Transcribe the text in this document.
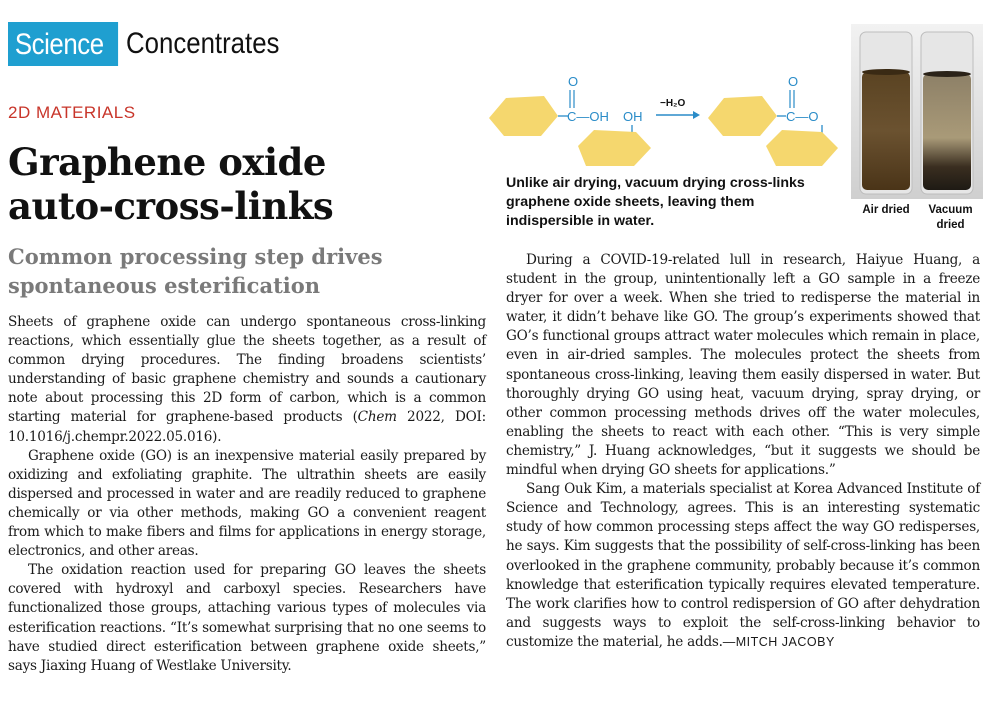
Science Concentrates
2D MATERIALS
Graphene oxide
auto-cross-links
Common processing step drives spontaneous esterification

Sheets of graphene oxide can undergo spontaneous cross-linking reactions, which essentially glue the sheets together, as a result of common drying procedures. The finding broadens scientists’ understanding of basic graphene chemistry and sounds a cautionary note about processing this 2D form of carbon, which is a common starting material for graphene-based products (Chem 2022, DOI: 10.1016/j.chempr.2022.05.016).

Graphene oxide (GO) is an inexpensive material easily prepared by oxidizing and exfoliating graphite. The ultrathin sheets are easily dispersed and processed in water and are readily reduced to graphene chemically or via other methods, making GO a convenient reagent from which to make fibers and films for applications in energy storage, electronics, and other areas.

The oxidation reaction used for preparing GO leaves the sheets covered with hydroxyl and carboxyl species. Researchers have functionalized those groups, attaching various types of molecules via esterification reactions. “It’s somewhat surprising that no one seems to have studied direct esterification between graphene oxide sheets,” says Jiaxing Huang of Westlake University.

O
C—OH OH
−H₂O
O
C—O
Unlike air drying, vacuum drying cross-links graphene oxide sheets, leaving them indispersible in water.
Air dried	Vacuum dried

During a COVID-19-related lull in research, Haiyue Huang, a student in the group, unintentionally left a GO sample in a freeze dryer for over a week. When she tried to redisperse the material in water, it didn’t behave like GO. The group’s experiments showed that GO’s functional groups attract water molecules which remain in place, even in air-dried samples. The molecules protect the sheets from spontaneous cross-linking, leaving them easily dispersed in water. But thoroughly drying GO using heat, vacuum drying, spray drying, or other common processing methods drives off the water molecules, enabling the sheets to react with each other. “This is very simple chemistry,” J. Huang acknowledges, “but it suggests we should be mindful when drying GO sheets for applications.”

Sang Ouk Kim, a materials specialist at Korea Advanced Institute of Science and Technology, agrees. This is an interesting systematic study of how common processing steps affect the way GO redisperses, he says. Kim suggests that the possibility of self-cross-linking has been overlooked in the graphene community, probably because it’s common knowledge that esterification typically requires elevated temperature. The work clarifies how to control redispersion of GO after dehydration and suggests ways to exploit the self-cross-linking behavior to customize the material, he adds.—MITCH JACOBY
